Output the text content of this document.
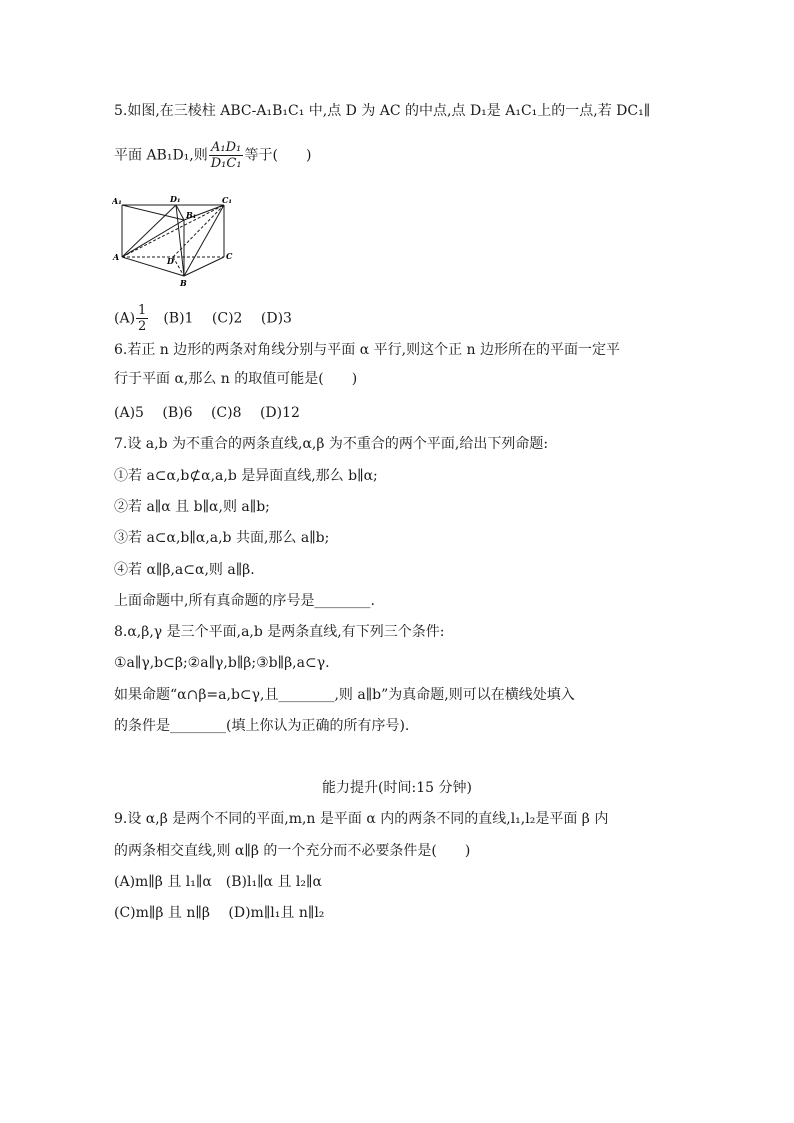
5.如图,在三棱柱 ABC-A₁B₁C₁ 中,点 D 为 AC 的中点,点 D₁是 A₁C₁上的一点,若 DC₁∥
平面 AB₁D₁,则 $\frac{\text{A₁D₁}}{\text{D₁C₁}}$ 等于(　　)
A₁	D₁	C₁
B₁
A	D	C
B
$(A) \frac{1}{2}$ 　(B)1　 (C)2　 (D)3
6.若正 n 边形的两条对角线分别与平面 α 平行,则这个正 n 边形所在的平面一定平
行于平面 α,那么 n 的取值可能是(　　)
(A)5　 (B)6　 (C)8　 (D)12
7.设 a,b 为不重合的两条直线,α,β 为不重合的两个平面,给出下列命题:
①若 a⊂α,b⊄α,a,b 是异面直线,那么 b∥α;
②若 a∥α 且 b∥α,则 a∥b;
③若 a⊂α,b∥α,a,b 共面,那么 a∥b;
④若 α∥β,a⊂α,则 a∥β.
上面命题中,所有真命题的序号是________.
8.α,β,γ 是三个平面,a,b 是两条直线,有下列三个条件:
①a∥γ,b⊂β;②a∥γ,b∥β;③b∥β,a⊂γ.
如果命题“α∩β=a,b⊂γ,且________,则 a∥b”为真命题,则可以在横线处填入
的条件是________(填上你认为正确的所有序号).
能力提升(时间:15 分钟)
9.设 α,β 是两个不同的平面,m,n 是平面 α 内的两条不同的直线,l₁,l₂是平面 β 内
的两条相交直线,则 α∥β 的一个充分而不必要条件是(　　)
(A)m∥β 且 l₁∥α　(B)l₁∥α 且 l₂∥α
(C)m∥β 且 n∥β　 (D)m∥l₁且 n∥l₂
